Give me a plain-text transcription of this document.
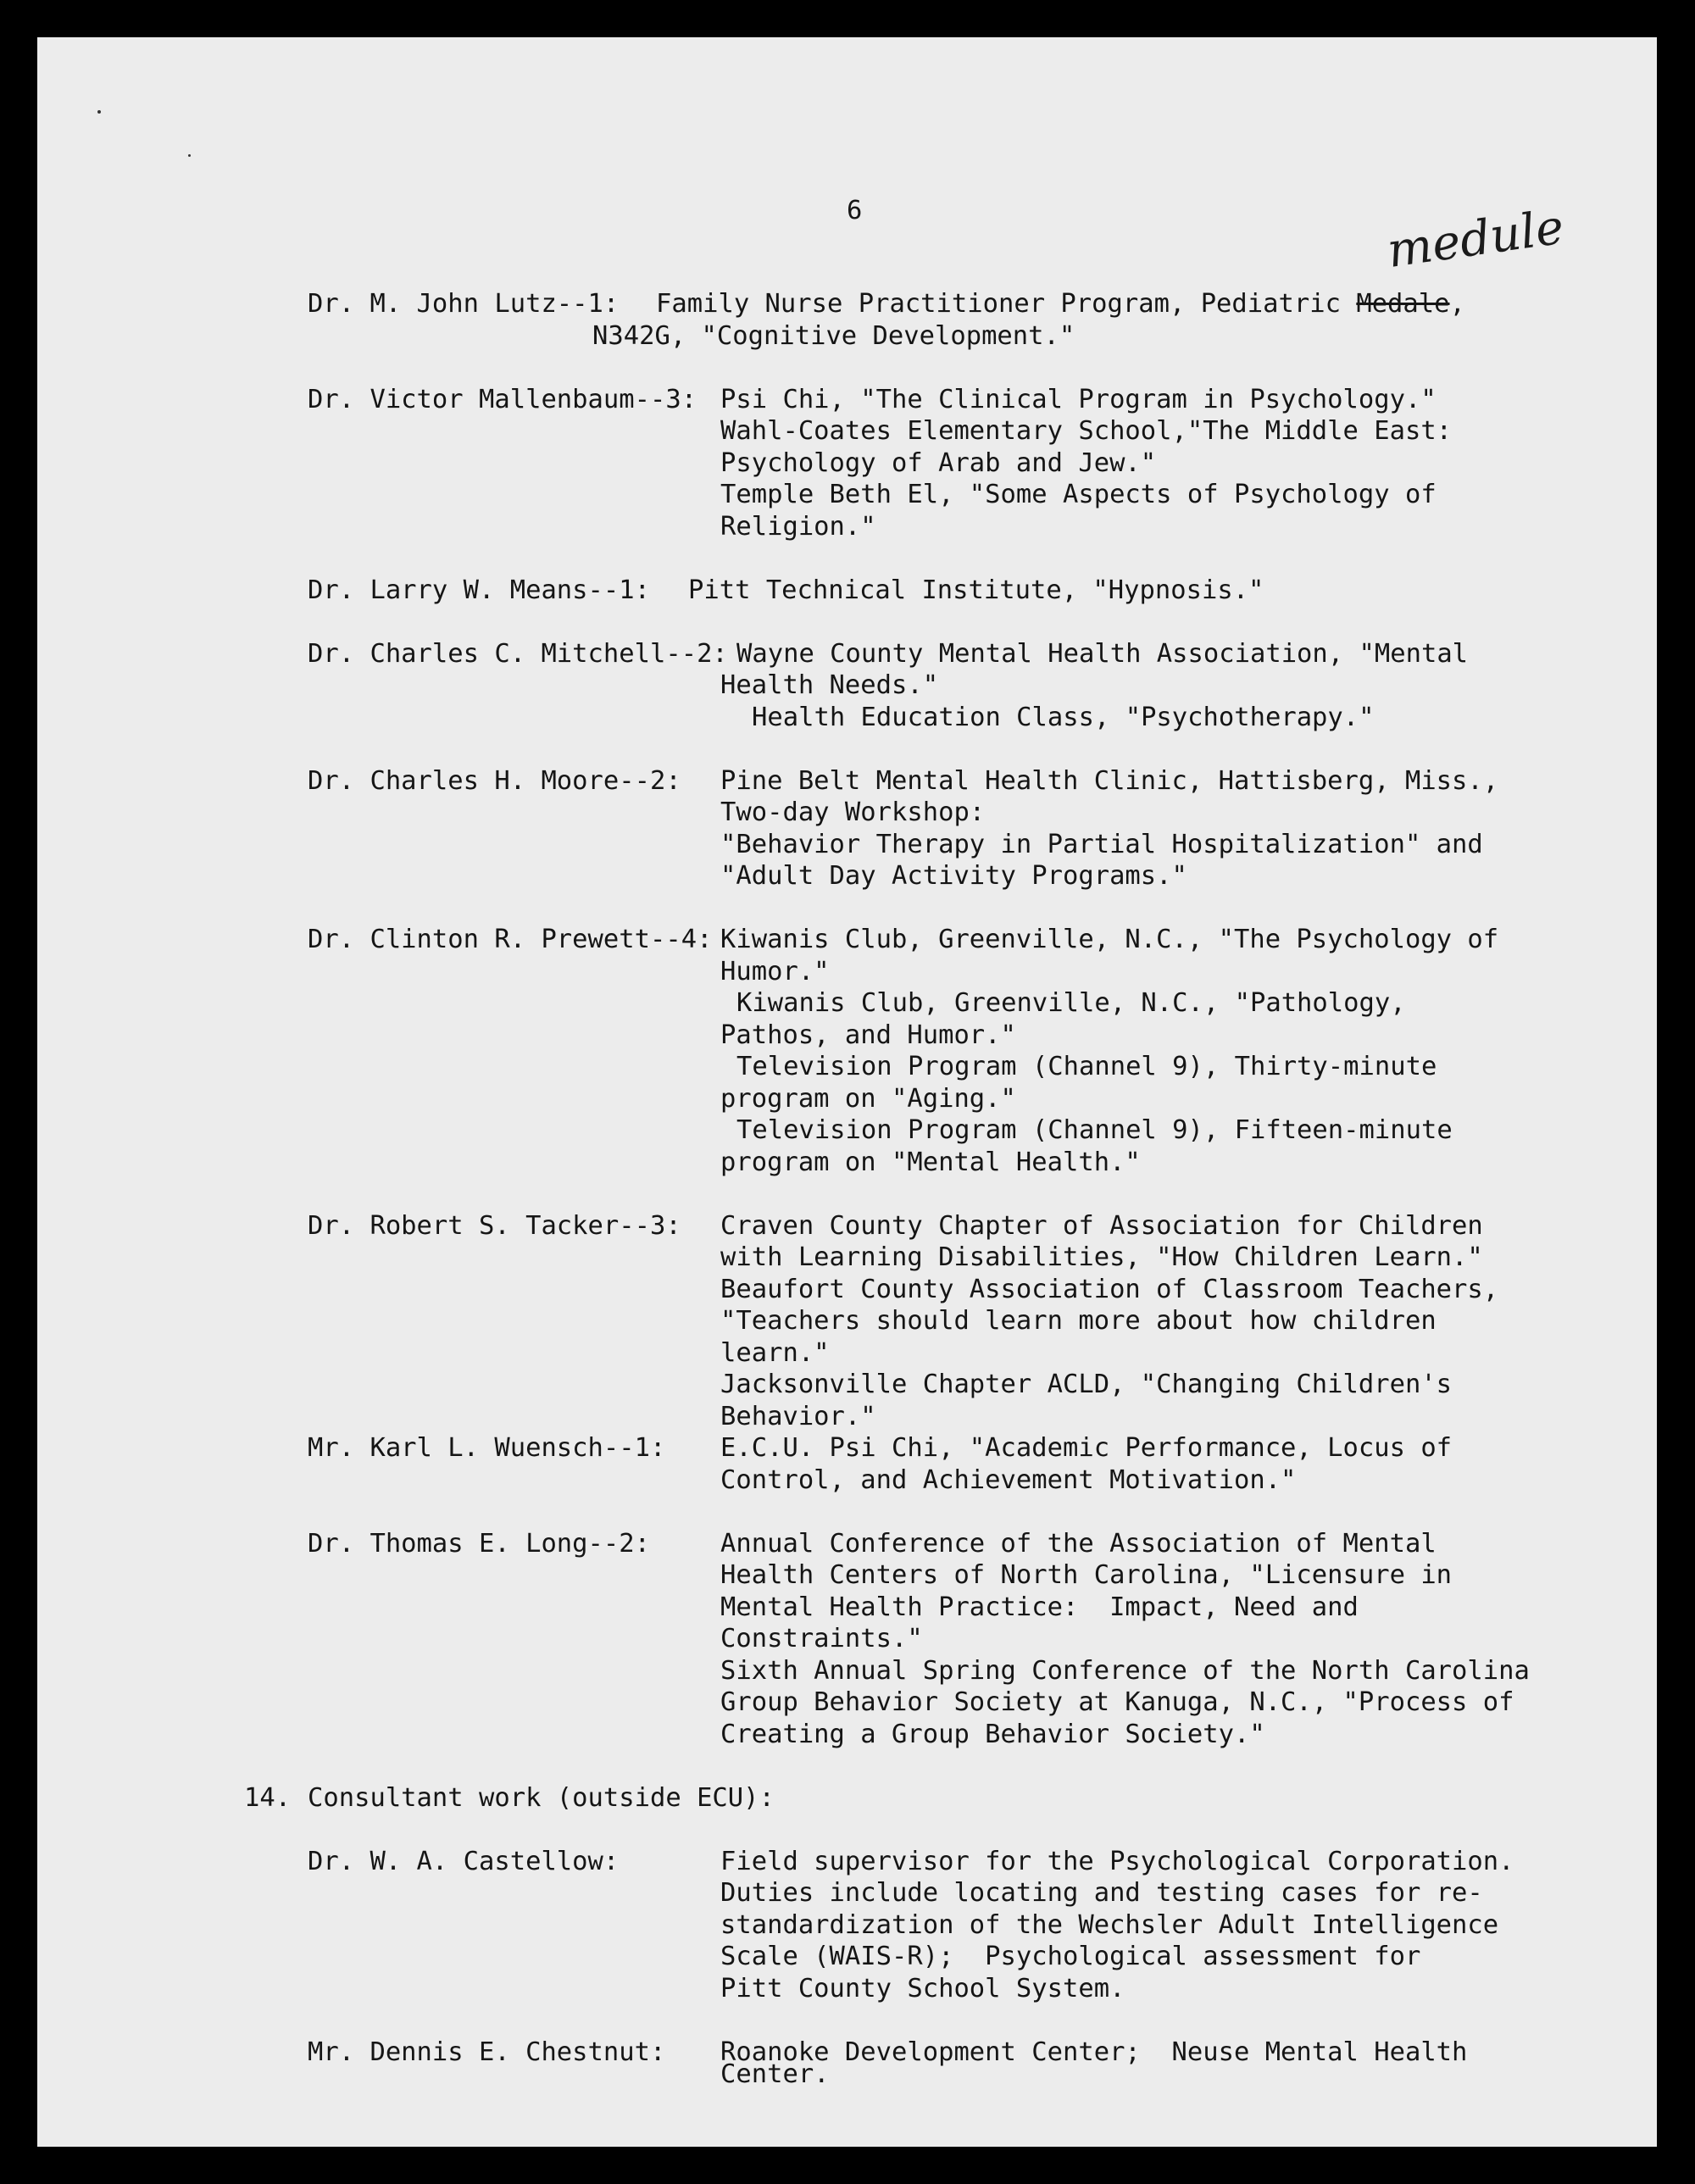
6	medule
Dr. M. John Lutz--1: Family Nurse Practitioner Program, Pediatric Medale,
N342G, "Cognitive Development."
Dr. Victor Mallenbaum--3: Psi Chi, "The Clinical Program in Psychology."
Wahl-Coates Elementary School,"The Middle East:
Psychology of Arab and Jew."
Temple Beth El, "Some Aspects of Psychology of
Religion."
Dr. Larry W. Means--1: Pitt Technical Institute, "Hypnosis."
Dr. Charles C. Mitchell--2: Wayne County Mental Health Association, "Mental
Health Needs."
Health Education Class, "Psychotherapy."
Dr. Charles H. Moore--2: Pine Belt Mental Health Clinic, Hattisberg, Miss.,
Two-day Workshop:
"Behavior Therapy in Partial Hospitalization" and
"Adult Day Activity Programs."
Dr. Clinton R. Prewett--4: Kiwanis Club, Greenville, N.C., "The Psychology of
Humor."
Kiwanis Club, Greenville, N.C., "Pathology,
Pathos, and Humor."
Television Program (Channel 9), Thirty-minute
program on "Aging."
Television Program (Channel 9), Fifteen-minute
program on "Mental Health."
Dr. Robert S. Tacker--3: Craven County Chapter of Association for Children
with Learning Disabilities, "How Children Learn."
Beaufort County Association of Classroom Teachers,
"Teachers should learn more about how children
learn."
Jacksonville Chapter ACLD, "Changing Children's
Behavior."
Mr. Karl L. Wuensch--1: E.C.U. Psi Chi, "Academic Performance, Locus of
Control, and Achievement Motivation."
Dr. Thomas E. Long--2:	Annual Conference of the Association of Mental
Health Centers of North Carolina, "Licensure in
Mental Health Practice:  Impact, Need and
Constraints."
Sixth Annual Spring Conference of the North Carolina
Group Behavior Society at Kanuga, N.C., "Process of
Creating a Group Behavior Society."
14. Consultant work (outside ECU):
Dr. W. A. Castellow:	Field supervisor for the Psychological Corporation.
Duties include locating and testing cases for re-
standardization of the Wechsler Adult Intelligence
Scale (WAIS-R);  Psychological assessment for
Pitt County School System.
Mr. Dennis E. Chestnut: Roanoke Development Center;  Neuse Mental Health
Center.
